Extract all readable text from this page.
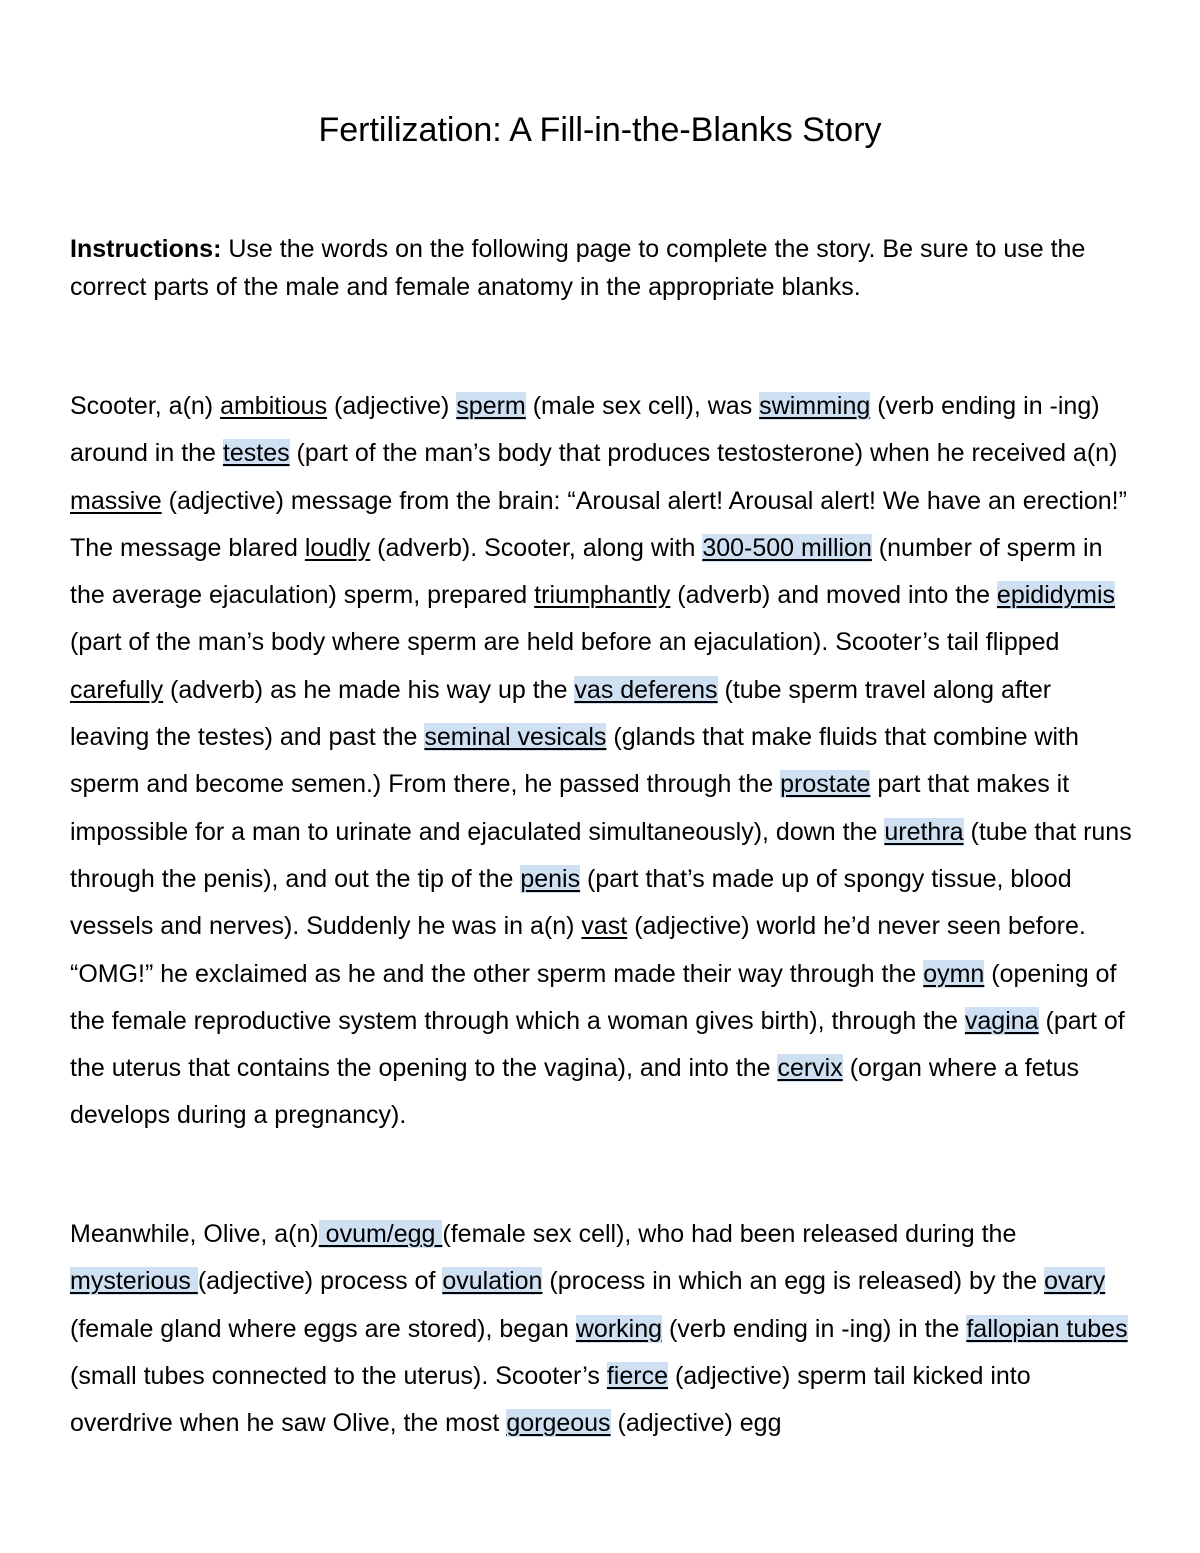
Fertilization: A Fill-in-the-Blanks Story

Instructions: Use the words on the following page to complete the story. Be sure to use the correct parts of the male and female anatomy in the appropriate blanks.

Scooter, a(n) ambitious (adjective) sperm (male sex cell), was swimming (verb ending in -ing) around in the testes (part of the man’s body that produces testosterone) when he received a(n) massive (adjective) message from the brain: “Arousal alert! Arousal alert! We have an erection!” The message blared loudly (adverb). Scooter, along with 300-500 million (number of sperm in the average ejaculation) sperm, prepared triumphantly (adverb) and moved into the epididymis (part of the man’s body where sperm are held before an ejaculation). Scooter’s tail flipped carefully (adverb) as he made his way up the vas deferens (tube sperm travel along after leaving the testes) and past the seminal vesicals (glands that make fluids that combine with sperm and become semen.) From there, he passed through the prostate part that makes it impossible for a man to urinate and ejaculated simultaneously), down the urethra (tube that runs through the penis), and out the tip of the penis (part that’s made up of spongy tissue, blood vessels and nerves). Suddenly he was in a(n) vast (adjective) world he’d never seen before. “OMG!” he exclaimed as he and the other sperm made their way through the oymn (opening of the female reproductive system through which a woman gives birth), through the vagina (part of the uterus that contains the opening to the vagina), and into the cervix (organ where a fetus develops during a pregnancy).

Meanwhile, Olive, a(n) ovum/egg (female sex cell), who had been released during the mysterious (adjective) process of ovulation (process in which an egg is released) by the ovary (female gland where eggs are stored), began working (verb ending in -ing) in the fallopian tubes (small tubes connected to the uterus). Scooter’s fierce (adjective) sperm tail kicked into overdrive when he saw Olive, the most gorgeous (adjective) egg
